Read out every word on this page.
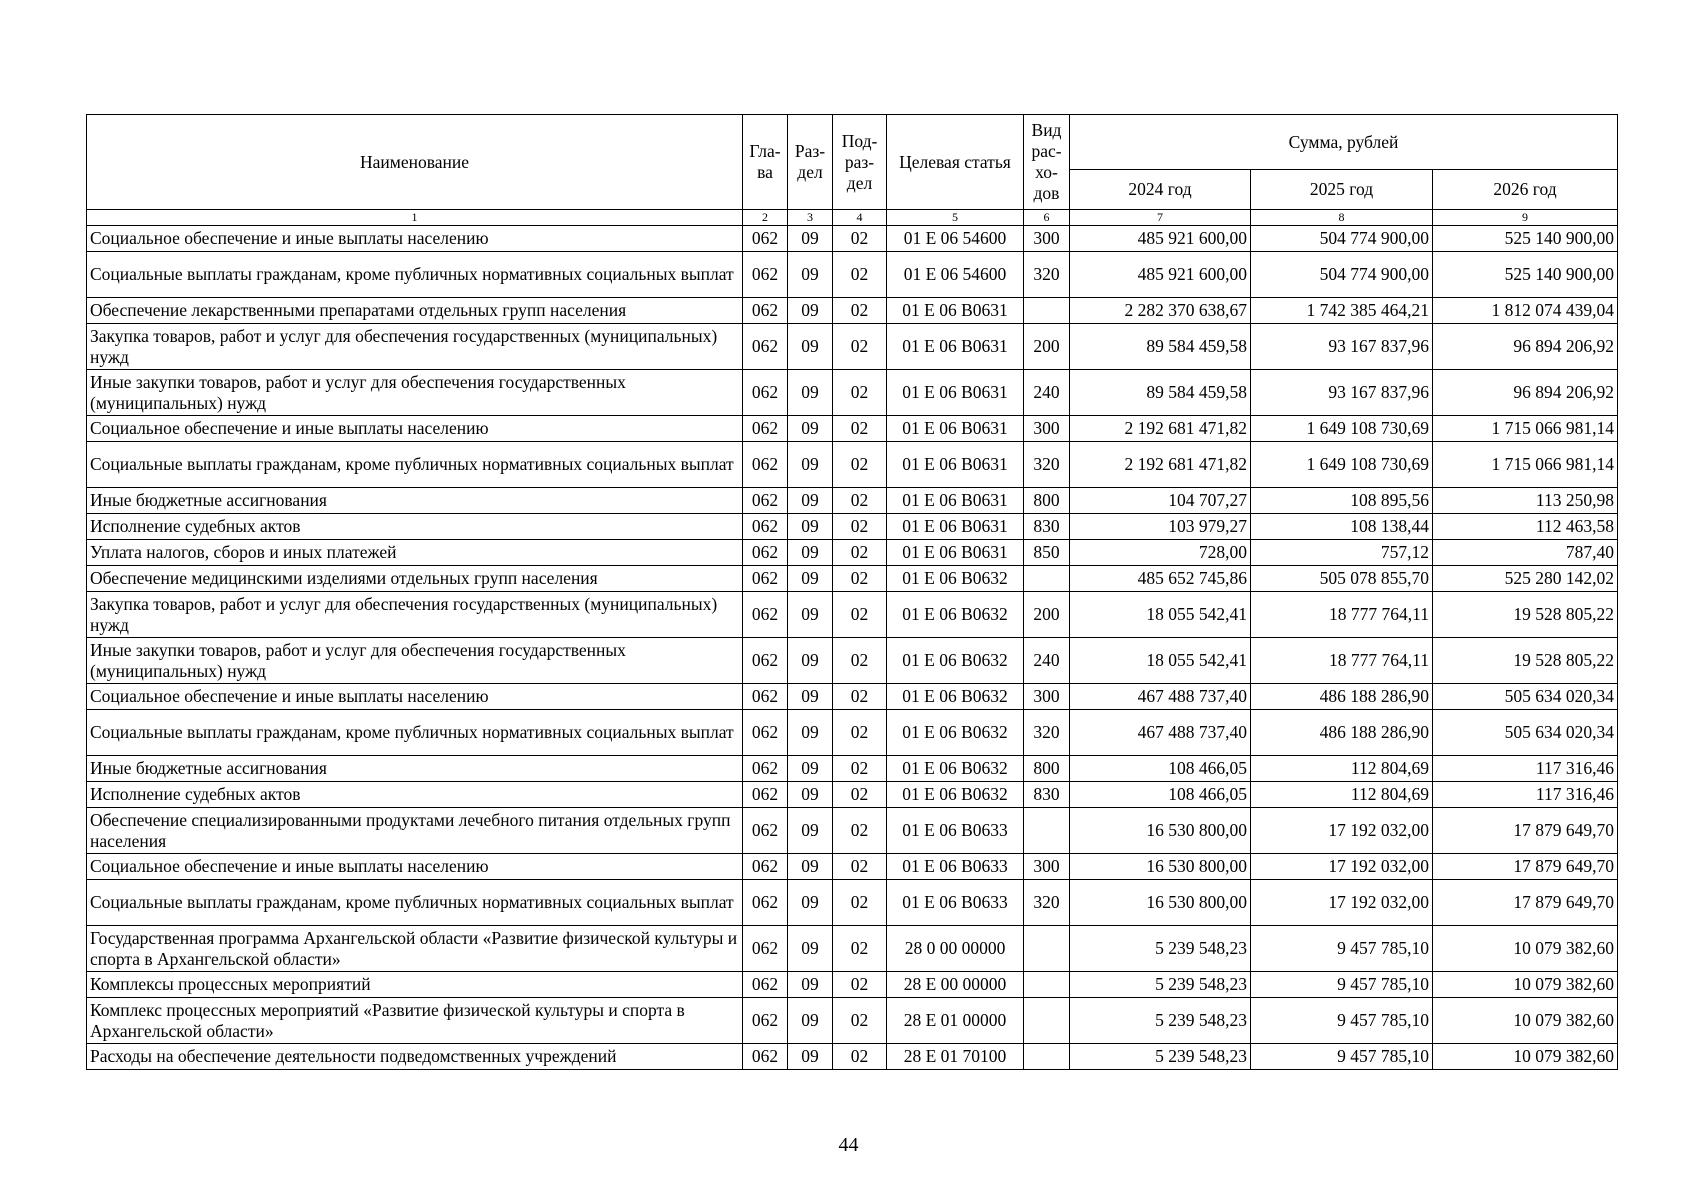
Наименование	Гла-ва	Раз-дел	Под-раз-дел	Целевая статья	Вид рас-хо-дов	Сумма, рублей		
						2024 год	2025 год	2026 год
1	2	3	4	5	6	7	8	9
Социальное обеспечение и иные выплаты населению	062	09	02	01 Е 06 54600	300	485 921 600,00	504 774 900,00	525 140 900,00
Социальные выплаты гражданам, кроме публичных нормативных социальных выплат	062	09	02	01 Е 06 54600	320	485 921 600,00	504 774 900,00	525 140 900,00
Обеспечение лекарственными препаратами отдельных групп населения	062	09	02	01 Е 06 В0631		2 282 370 638,67	1 742 385 464,21	1 812 074 439,04
Закупка товаров, работ и услуг для обеспечения государственных (муниципальных) нужд	062	09	02	01 Е 06 В0631	200	89 584 459,58	93 167 837,96	96 894 206,92
Иные закупки товаров, работ и услуг для обеспечения государственных (муниципальных) нужд	062	09	02	01 Е 06 В0631	240	89 584 459,58	93 167 837,96	96 894 206,92
Социальное обеспечение и иные выплаты населению	062	09	02	01 Е 06 В0631	300	2 192 681 471,82	1 649 108 730,69	1 715 066 981,14
Социальные выплаты гражданам, кроме публичных нормативных социальных выплат	062	09	02	01 Е 06 В0631	320	2 192 681 471,82	1 649 108 730,69	1 715 066 981,14
Иные бюджетные ассигнования	062	09	02	01 Е 06 В0631	800	104 707,27	108 895,56	113 250,98
Исполнение судебных актов	062	09	02	01 Е 06 В0631	830	103 979,27	108 138,44	112 463,58
Уплата налогов, сборов и иных платежей	062	09	02	01 Е 06 В0631	850	728,00	757,12	787,40
Обеспечение медицинскими изделиями отдельных групп населения	062	09	02	01 Е 06 В0632		485 652 745,86	505 078 855,70	525 280 142,02
Закупка товаров, работ и услуг для обеспечения государственных (муниципальных) нужд	062	09	02	01 Е 06 В0632	200	18 055 542,41	18 777 764,11	19 528 805,22
Иные закупки товаров, работ и услуг для обеспечения государственных (муниципальных) нужд	062	09	02	01 Е 06 В0632	240	18 055 542,41	18 777 764,11	19 528 805,22
Социальное обеспечение и иные выплаты населению	062	09	02	01 Е 06 В0632	300	467 488 737,40	486 188 286,90	505 634 020,34
Социальные выплаты гражданам, кроме публичных нормативных социальных выплат	062	09	02	01 Е 06 В0632	320	467 488 737,40	486 188 286,90	505 634 020,34
Иные бюджетные ассигнования	062	09	02	01 Е 06 В0632	800	108 466,05	112 804,69	117 316,46
Исполнение судебных актов	062	09	02	01 Е 06 В0632	830	108 466,05	112 804,69	117 316,46
Обеспечение специализированными продуктами лечебного питания отдельных групп населения	062	09	02	01 Е 06 В0633		16 530 800,00	17 192 032,00	17 879 649,70
Социальное обеспечение и иные выплаты населению	062	09	02	01 Е 06 В0633	300	16 530 800,00	17 192 032,00	17 879 649,70
Социальные выплаты гражданам, кроме публичных нормативных социальных выплат	062	09	02	01 Е 06 В0633	320	16 530 800,00	17 192 032,00	17 879 649,70
Государственная программа Архангельской области «Развитие физической культуры и спорта в Архангельской области»	062	09	02	28 0 00 00000		5 239 548,23	9 457 785,10	10 079 382,60
Комплексы процессных мероприятий	062	09	02	28 Е 00 00000		5 239 548,23	9 457 785,10	10 079 382,60
Комплекс процессных мероприятий «Развитие физической культуры и спорта в Архангельской области»	062	09	02	28 Е 01 00000		5 239 548,23	9 457 785,10	10 079 382,60
Расходы на обеспечение деятельности подведомственных учреждений	062	09	02	28 Е 01 70100		5 239 548,23	9 457 785,10	10 079 382,60
44
